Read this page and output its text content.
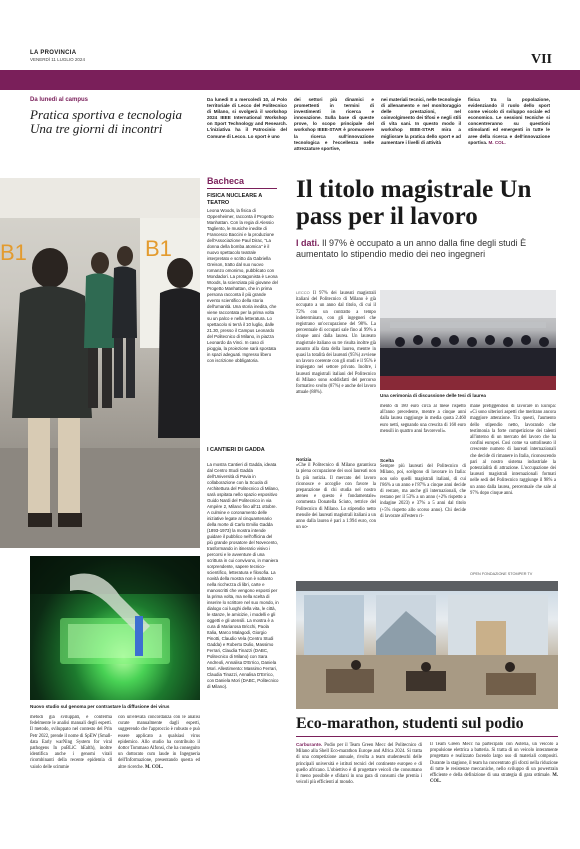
LA PROVINCIA
VENERDÌ 11 LUGLIO 2024	VII
Da lunedì al campus
Pratica sportiva e tecnologia Una tre giorni di incontri
Da lunedì 8 a mercoledì 10, al Polo territoriale di Lecco del Politecnico di Milano, si svolgerà il workshop 2024 IEEE International Workshop on Sport Technology and Research. L'iniziativa ha il Patrocinio del Comune di Lecco. Lo sport è uno
dei settori più dinamici e promettenti in termini di investimenti in ricerca e innovazione. Sulla base di queste prove, lo scopo principale del workshop IEEE-STAR è promuovere la ricerca sull'innovazione tecnologica e l'eccellenza nelle attrezzature sportive,
nei materiali tecnici, nelle tecnologie di allenamento e nel monitoraggio delle prestazioni, nel coinvolgimento dei tifosi e negli stili di vita sani. In questo modo il workshop IEEE-STAR mira a migliorare la pratica dello sport e ad aumentare i livelli di attività
fisica tra la popolazione, evidenziando il ruolo dello sport come veicolo di sviluppo sociale ed economico. Le sessioni tecniche si concentreranno su questioni stimolanti ed emergenti in tutte le aree della ricerca e dell'innovazione sportiva. M. COL.
B1
B1
Nuovo studio sul genoma per contrastare la diffusione dei virus
metodi già sviluppati, e conferma fedelmente le analisi manuali degli esperti. Il metodo, sviluppato nel contesto del Prin Petr 2022, prende il nome di SpEW (Small-data Early warNing System for viral pathogens In puBLiC hEalth), inoltre identifica anche i genomi virali ricombinanti della recente epidemia di vaiolo delle scimmie
con un'elevata concordanza con le analisi curate manualmente dagli esperti, suggerendo che l'approccio è robusto e può essere applicato a qualsiasi virus epidemico. Allo studio ha contribuito il dottor Tommaso Alfonsi, che ha conseguito un dottorato cum laude in Ingegneria dell'Informazione, presentando questa ed altre ricerche. M. COL.
Bacheca
FISICA NUCLEARE A TEATRO
Leona Woods, la fisica di Oppenheimer, racconta il Progetto Manhattan. Con la regia di Alessio Tagliento, le musiche inedite di Francesco Baccini e la produzione dell'Associazione Paul Dirac, "La donna della bomba atomica" è il nuovo spettacolo teatrale interpretato e scritto da Gabriella Greison, tratto dal suo nuovo romanzo omonimo, pubblicato con Mondadori. La protagonista è Leona Woods, la scienziata più giovane del Progetto Manhattan, che in prima persona racconta il più grande evento scientifico della storia dell'umanità. Una storia inedita, che viene raccontata per la prima volta su un palco e nella letteratura. Lo spettacolo si terrà il 10 luglio, dalle 21.30, presso il Campus Leonardo del Politecnico di Milano, in piazza Leonardo da Vinci. In caso di pioggia, la proiezione sarà spostata in spazi adeguati. Ingresso libero con iscrizione obbligatoria.
I CANTIERI DI GADDA
La mostra Cantieri di Gadda, ideata dal Centro Studi Gadda dell'Università di Pavia in collaborazione con la Scuola di Architettura del Politecnico di Milano, sarà ospitata nello spazio espositivo Guido Nardi del Politecnico in via Ampère 2, Milano fino all'11 ottobre. A culmine e coronamento delle iniziative legate al cinquantenario della morte di Carlo Emilio Gadda (1893-1973) la mostra intende guidare il pubblico nell'officina del più grande prosatore del Novecento, trasformando in itinerario visivo i percorsi e le avventure di una scrittura in cui convivono, in maniera sorprendente, sapere tecnico-scientifico, letteratura e filosofia. La novità della mostra non è soltanto nella ricchezza di libri, carte e manoscritti che vengono esposti per la prima volta, ma nella scelta di inserire lo scrittore nel suo mondo, in dialogo coi luoghi della vita, le città, le stanze, le amicizie, i modelli e gli oggetti e gli utensili. La mostra è a cura di Mariarosa Bricchi, Paola Italia, Marco Malagodi, Giorgio Pinotti, Claudio Vela (Centro Studi Gadda) e Roberto Dulio, Massimo Ferrari, Claudia Tinazzi (DABC, Politecnico di Milano) con Sara Andreoli, Annalisa D'Errico, Daniela Mori. Allestimento: Massimo Ferrari, Claudia Tinazzi, Annalisa D'Errico, con Daniela Mori (DABC, Politecnico di Milano).
Il titolo magistrale Un pass per il lavoro
I dati. Il 97% è occupato a un anno dalla fine degli studi È aumentato lo stipendio medio dei neo ingegneri
LECCO Il 97% dei laureati magistrali italiani del Politecnico di Milano è già occupato a un anno dal titolo, di cui il 72% con un contratto a tempo indeterminato, con gli ingegneri che registrano un'occupazione del 98%. La percentuale di occupati sale fino al 99% a cinque anni dalla laurea. Un laureato magistrale italiano su tre risulta inoltre già assunto alla data della laurea, mentre in quasi la totalità dei laureati (95%) avviene un lavoro coerente con gli studi e il 95% è impiegato nel settore privato. Inoltre, i laureati magistrali italiani del Politecnico di Milano sono soddisfatti del percorso formativo svolto (87%) e anche del lavoro attuale (88%).
Notizia
«Che il Politecnico di Milano garantisca la piena occupazione dei suoi laureati non fa più notizia. Il mercato del lavoro riconosce e accoglie con favore la preparazione di chi studia nel nostro ateneo e questo è fondamentale» commenta Donatella Sciuto, rettrice del Politecnico di Milano. Lo stipendio netto mensile dei laureati magistrali italiani a un anno dalla laurea è pari a 1.994 euro, con un uo-
Una cerimonia di discussione delle tesi di laurea
mento di 180 euro circa al mese rispetto all'anno precedente, mentre a cinque anni dalla laurea raggiunge in media quota 2.460 euro netti, segnando una crescita di 160 euro mensili in quattro anni favorevoli».
Scelta
Sempre più laureati del Politecnico di Milano, poi, scelgono di lavorare in Italia: non solo quelli magistrali italiani, di cui l'86% a un anno e l'87% a cinque anni decide di restare, ma anche gli internazionali, che restano per il 53% a un anno (+2% rispetto a indagine 2023) e 37% a 5 anni dal titolo (+5% rispetto allo scorso anno). Chi decide di lavorare all'estero ri-
mane prefiggendosi di lavorare in Europa: «Ci sono ulteriori aspetti che meritano ancora maggiore attenzione. Tra questi, l'aumento dello stipendio netto, lavorando che testimonia la forte competizione dei talenti all'interno di un mercato del lavoro che ha confini europei. Così come va sottolineato il crescente numero di laureati internazionali che decide di rimanere in Italia, riconoscendo pari al nostro sistema industriale la potenzialità di attrazione. L'occupazione dei laureati magistrali internazionali formati nelle sedi del Politecnico raggiunge il 98% a un anno dalla laurea, percentuale che sale al 97% dopo cinque anni.
OPEN FONDAZIONE STOMPER TV
Eco-marathon, studenti sul podio
Carburante. Podio per il Team Green Mecc del Politecnico di Milano alla Shell Eco-marathon Europe and Africa 2024. Si tratta di una competizione annuale, rivolta a team studenteschi delle principali università e istituti tecnici del continente europeo e di quello africano. L'obiettivo è di progettare veicoli che consumano il meno possibile e sfidarsi in una gara di consumi che premia i veicoli più efficienti al mondo.
Il Team Green Mecc ha partecipato con Asteria, un veicolo a propulsione elettrica a batteria. Si tratta di un veicolo interamente progettato e realizzato facendo largo uso di materiali compositi. Durante la stagione, il team ha concentrato gli sforzi nella riduzione di tutte le resistenze meccaniche, nello sviluppo di un powertrain efficiente e della definizione di una strategia di gara ottimale. M. COL.
